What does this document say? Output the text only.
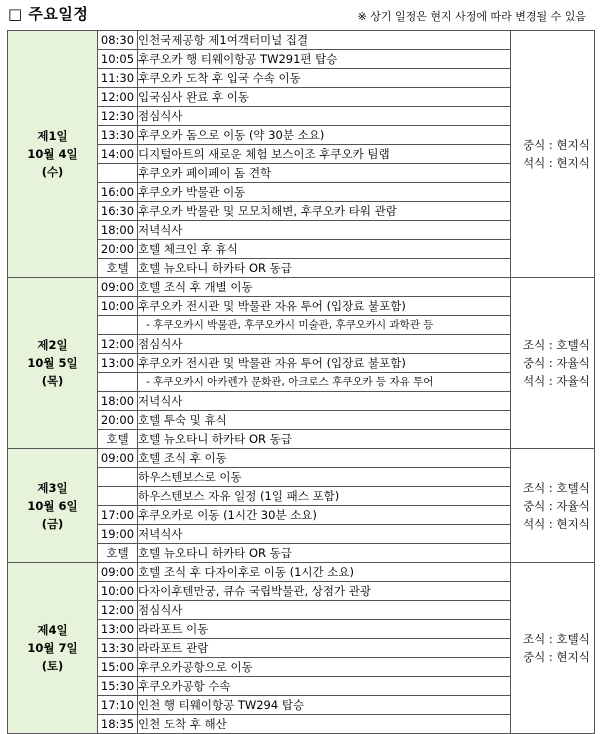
□ 주요일정	※ 상기 일정은 현지 사정에 따라 변경될 수 있음
제1일
10월 4일
(수)	08:30	인천국제공항 제1여객터미널 집결	중식 : 현지식
석식 : 현지식

	10:05	후쿠오카 행 티웨이항공 TW291편 탑승	
	11:30	후쿠오카 도착 후 입국 수속 이동	
	12:00	입국심사 완료 후 이동	
	12:30	점심식사	
	13:30	후쿠오카 돔으로 이동 (약 30분 소요)	
	14:00	디지털아트의 새로운 체험 보스이조 후쿠오카 팀랩	
		후쿠오카 페이페이 돔 견학	
	16:00	후쿠오카 박물관 이동	
	16:30	후쿠오카 박물관 및 모모치해변, 후쿠오카 타워 관람	
	18:00	저녁식사	
	20:00	호텔 체크인 후 휴식	
	호텔	호텔 뉴오타니 하카타 OR 동급	

제2일
10월 5일
(목)	09:00	호텔 조식 후 개별 이동	조식 : 호텔식
중식 : 자율식
석식 : 자율식

	10:00	후쿠오카 전시관 및 박물관 자유 투어 (입장료 불포함)	
		- 후쿠오카시 박물관, 후쿠오카시 미술관, 후쿠오카시 과학관 등	
	12:00	점심식사	
	13:00	후쿠오카 전시관 및 박물관 자유 투어 (입장료 불포함)	
		- 후쿠오카시 아카렌가 문화관, 아크로스 후쿠오카 등 자유 투어	
	18:00	저녁식사	
	20:00	호텔 투숙 및 휴식	
	호텔	호텔 뉴오타니 하카타 OR 동급	

제3일
10월 6일
(금)	09:00	호텔 조식 후 이동	조식 : 호텔식
중식 : 자율식
석식 : 현지식

		하우스텐보스로 이동	
		하우스텐보스 자유 일정 (1일 패스 포함)	
	17:00	후쿠오카로 이동 (1시간 30분 소요)	
	19:00	저녁식사	
	호텔	호텔 뉴오타니 하카타 OR 동급	

제4일
10월 7일
(토)	09:00	호텔 조식 후 다자이후로 이동 (1시간 소요)	조식 : 호텔식
중식 : 현지식

	10:00	다자이후텐만궁, 큐슈 국립박물관, 상점가 관광	
	12:00	점심식사	
	13:00	라라포트 이동	
	13:30	라라포트 관람	
	15:00	후쿠오카공항으로 이동	
	15:30	후쿠오카공항 수속	
	17:10	인천 행 티웨이항공 TW294 탑승	
	18:35	인천 도착 후 해산	
